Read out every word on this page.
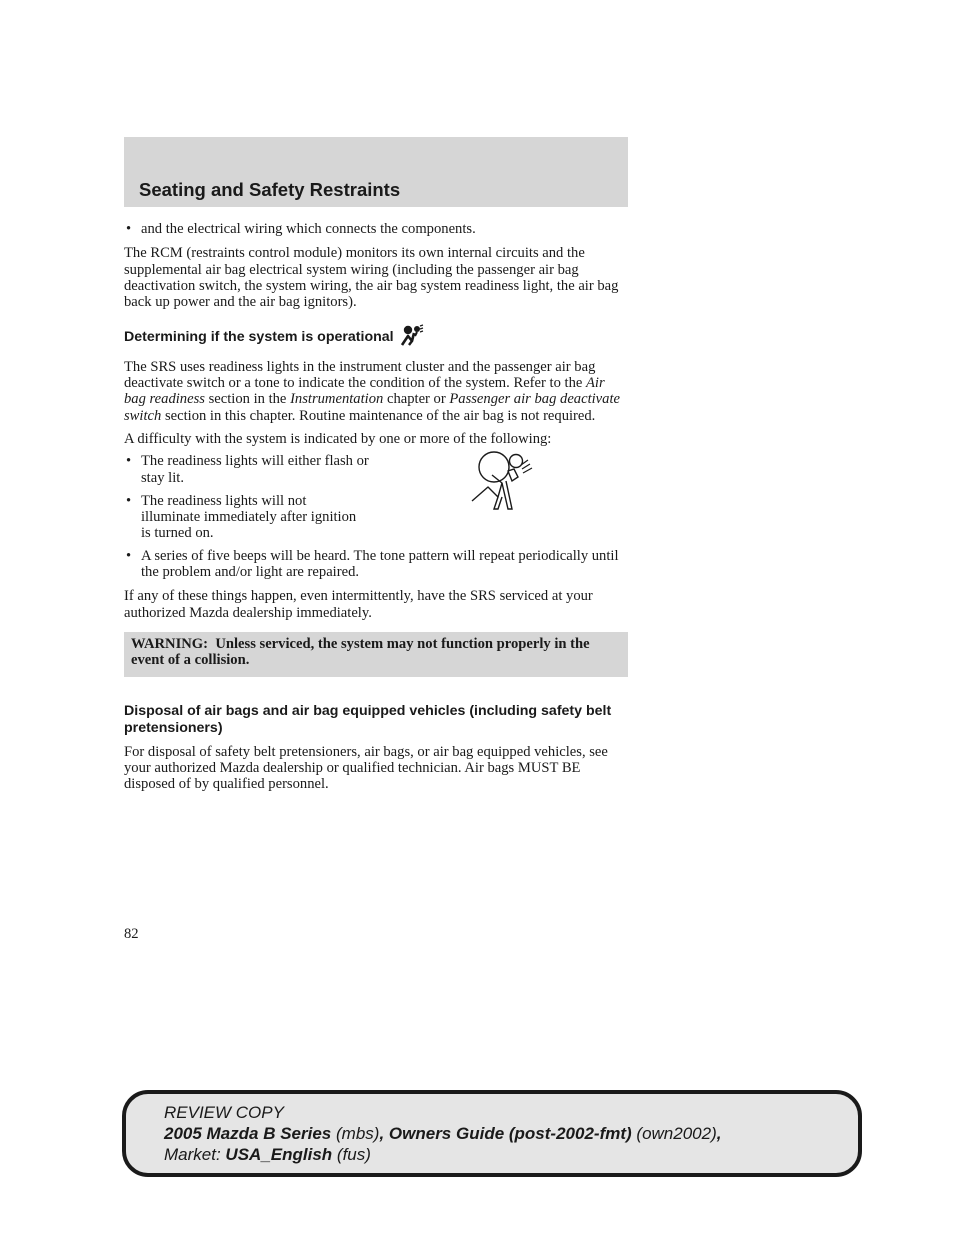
Seating and Safety Restraints

• and the electrical wiring which connects the components.

The RCM (restraints control module) monitors its own internal circuits and the supplemental air bag electrical system wiring (including the passenger air bag deactivation switch, the system wiring, the air bag system readiness light, the air bag back up power and the air bag ignitors).

Determining if the system is operational

The SRS uses readiness lights in the instrument cluster and the passenger air bag deactivate switch or a tone to indicate the condition of the system. Refer to the Air bag readiness section in the Instrumentation chapter or Passenger air bag deactivate switch section in this chapter. Routine maintenance of the air bag is not required.

A difficulty with the system is indicated by one or more of the following:

• The readiness lights will either flash or stay lit.

• The readiness lights will not illuminate immediately after ignition is turned on.

• A series of five beeps will be heard. The tone pattern will repeat periodically until the problem and/or light are repaired.

If any of these things happen, even intermittently, have the SRS serviced at your authorized Mazda dealership immediately.

WARNING: Unless serviced, the system may not function properly in the event of a collision.

Disposal of air bags and air bag equipped vehicles (including safety belt pretensioners)

For disposal of safety belt pretensioners, air bags, or air bag equipped vehicles, see your authorized Mazda dealership or qualified technician. Air bags MUST BE disposed of by qualified personnel.

82
REVIEW COPY
2005 Mazda B Series (mbs), Owners Guide (post-2002-fmt) (own2002),
Market: USA_English (fus)
